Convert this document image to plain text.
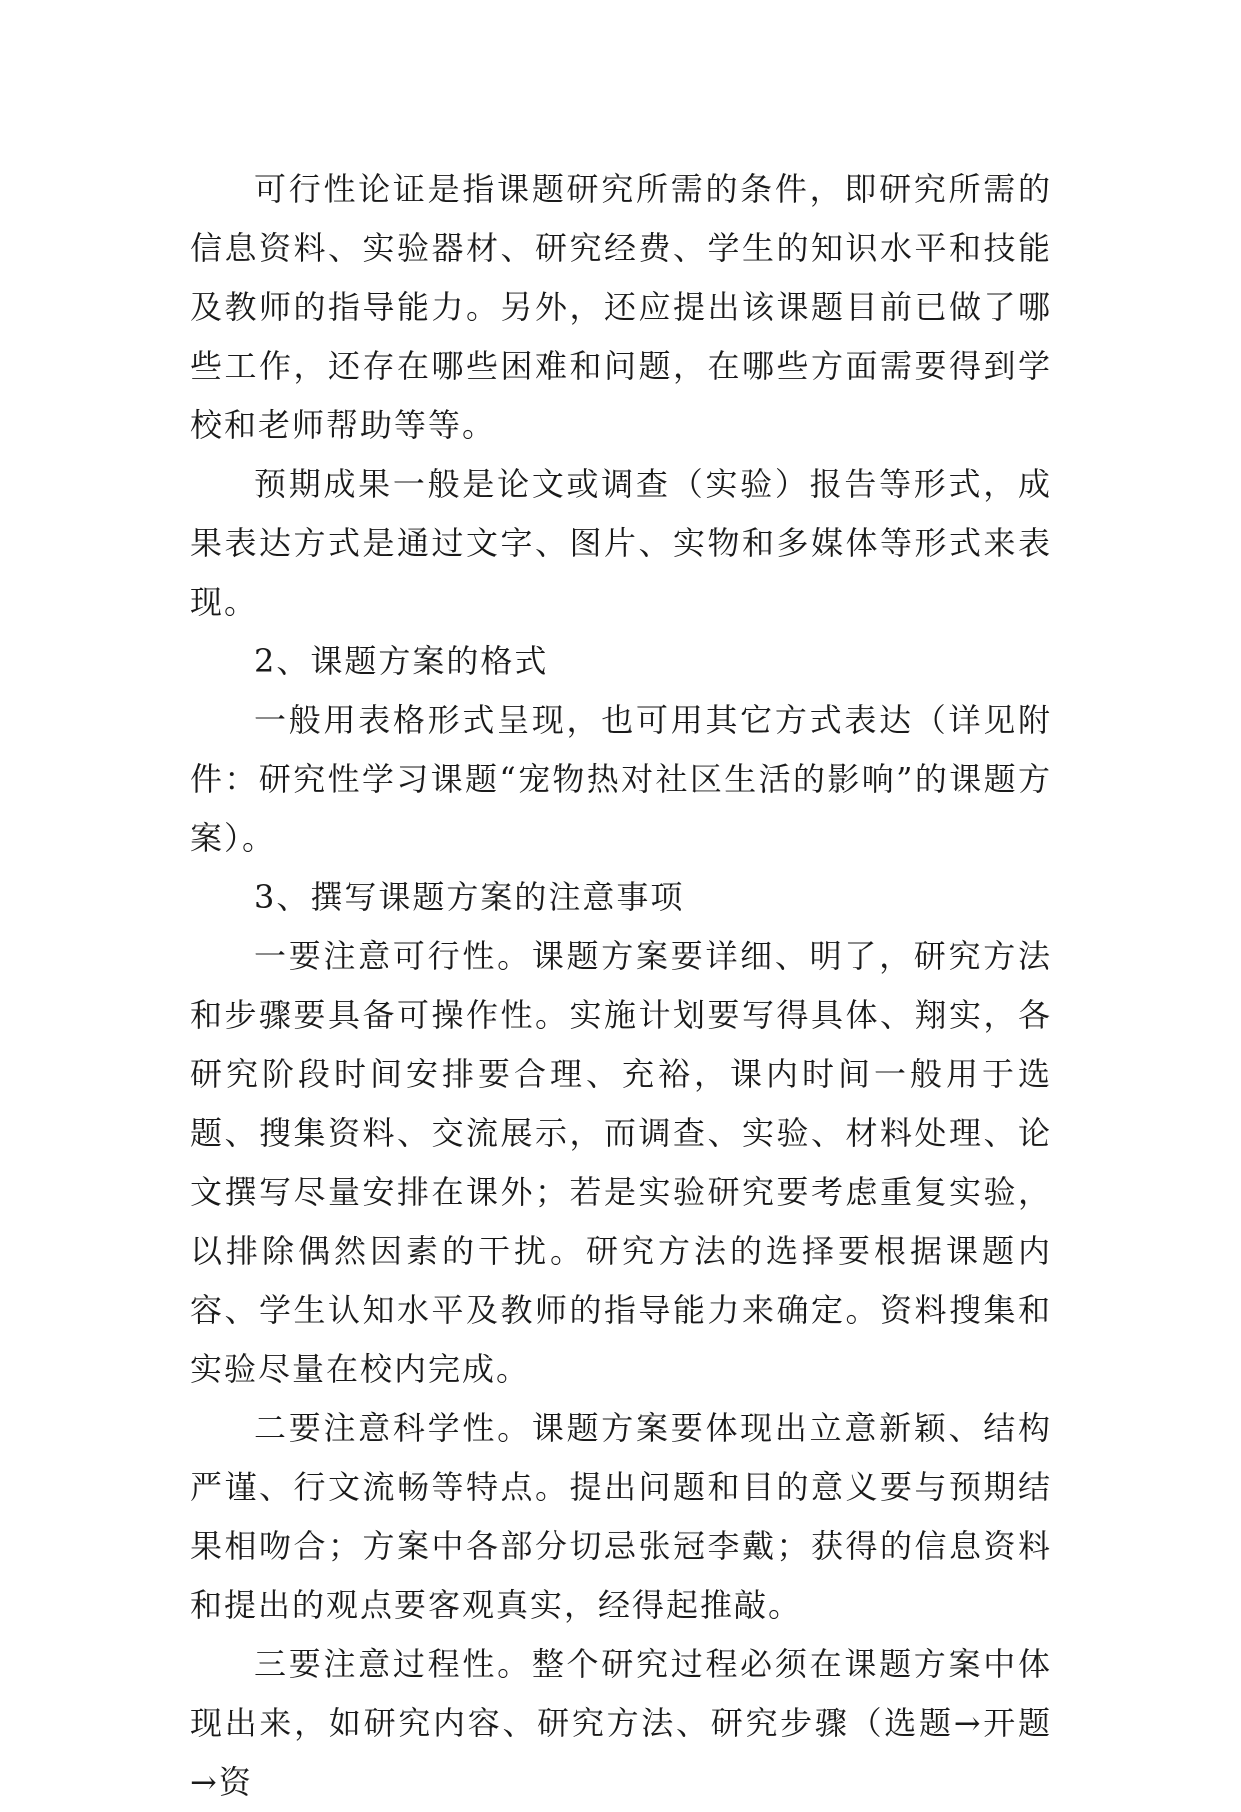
可行性论证是指课题研究所需的条件，即研究所需的信息资料、实验器材、研究经费、学生的知识水平和技能及教师的指导能力。另外，还应提出该课题目前已做了哪些工作，还存在哪些困难和问题，在哪些方面需要得到学校和老师帮助等等。

预期成果一般是论文或调查（实验）报告等形式，成果表达方式是通过文字、图片、实物和多媒体等形式来表现。

2、课题方案的格式

一般用表格形式呈现，也可用其它方式表达（详见附件：研究性学习课题“宠物热对社区生活的影响”的课题方案）。

3、撰写课题方案的注意事项

一要注意可行性。课题方案要详细、明了，研究方法和步骤要具备可操作性。实施计划要写得具体、翔实，各研究阶段时间安排要合理、充裕，课内时间一般用于选题、搜集资料、交流展示，而调查、实验、材料处理、论文撰写尽量安排在课外；若是实验研究要考虑重复实验，以排除偶然因素的干扰。研究方法的选择要根据课题内容、学生认知水平及教师的指导能力来确定。资料搜集和实验尽量在校内完成。

二要注意科学性。课题方案要体现出立意新颖、结构严谨、行文流畅等特点。提出问题和目的意义要与预期结果相吻合；方案中各部分切忌张冠李戴；获得的信息资料和提出的观点要客观真实，经得起推敲。

三要注意过程性。整个研究过程必须在课题方案中体现出来，如研究内容、研究方法、研究步骤（选题→开题→资
